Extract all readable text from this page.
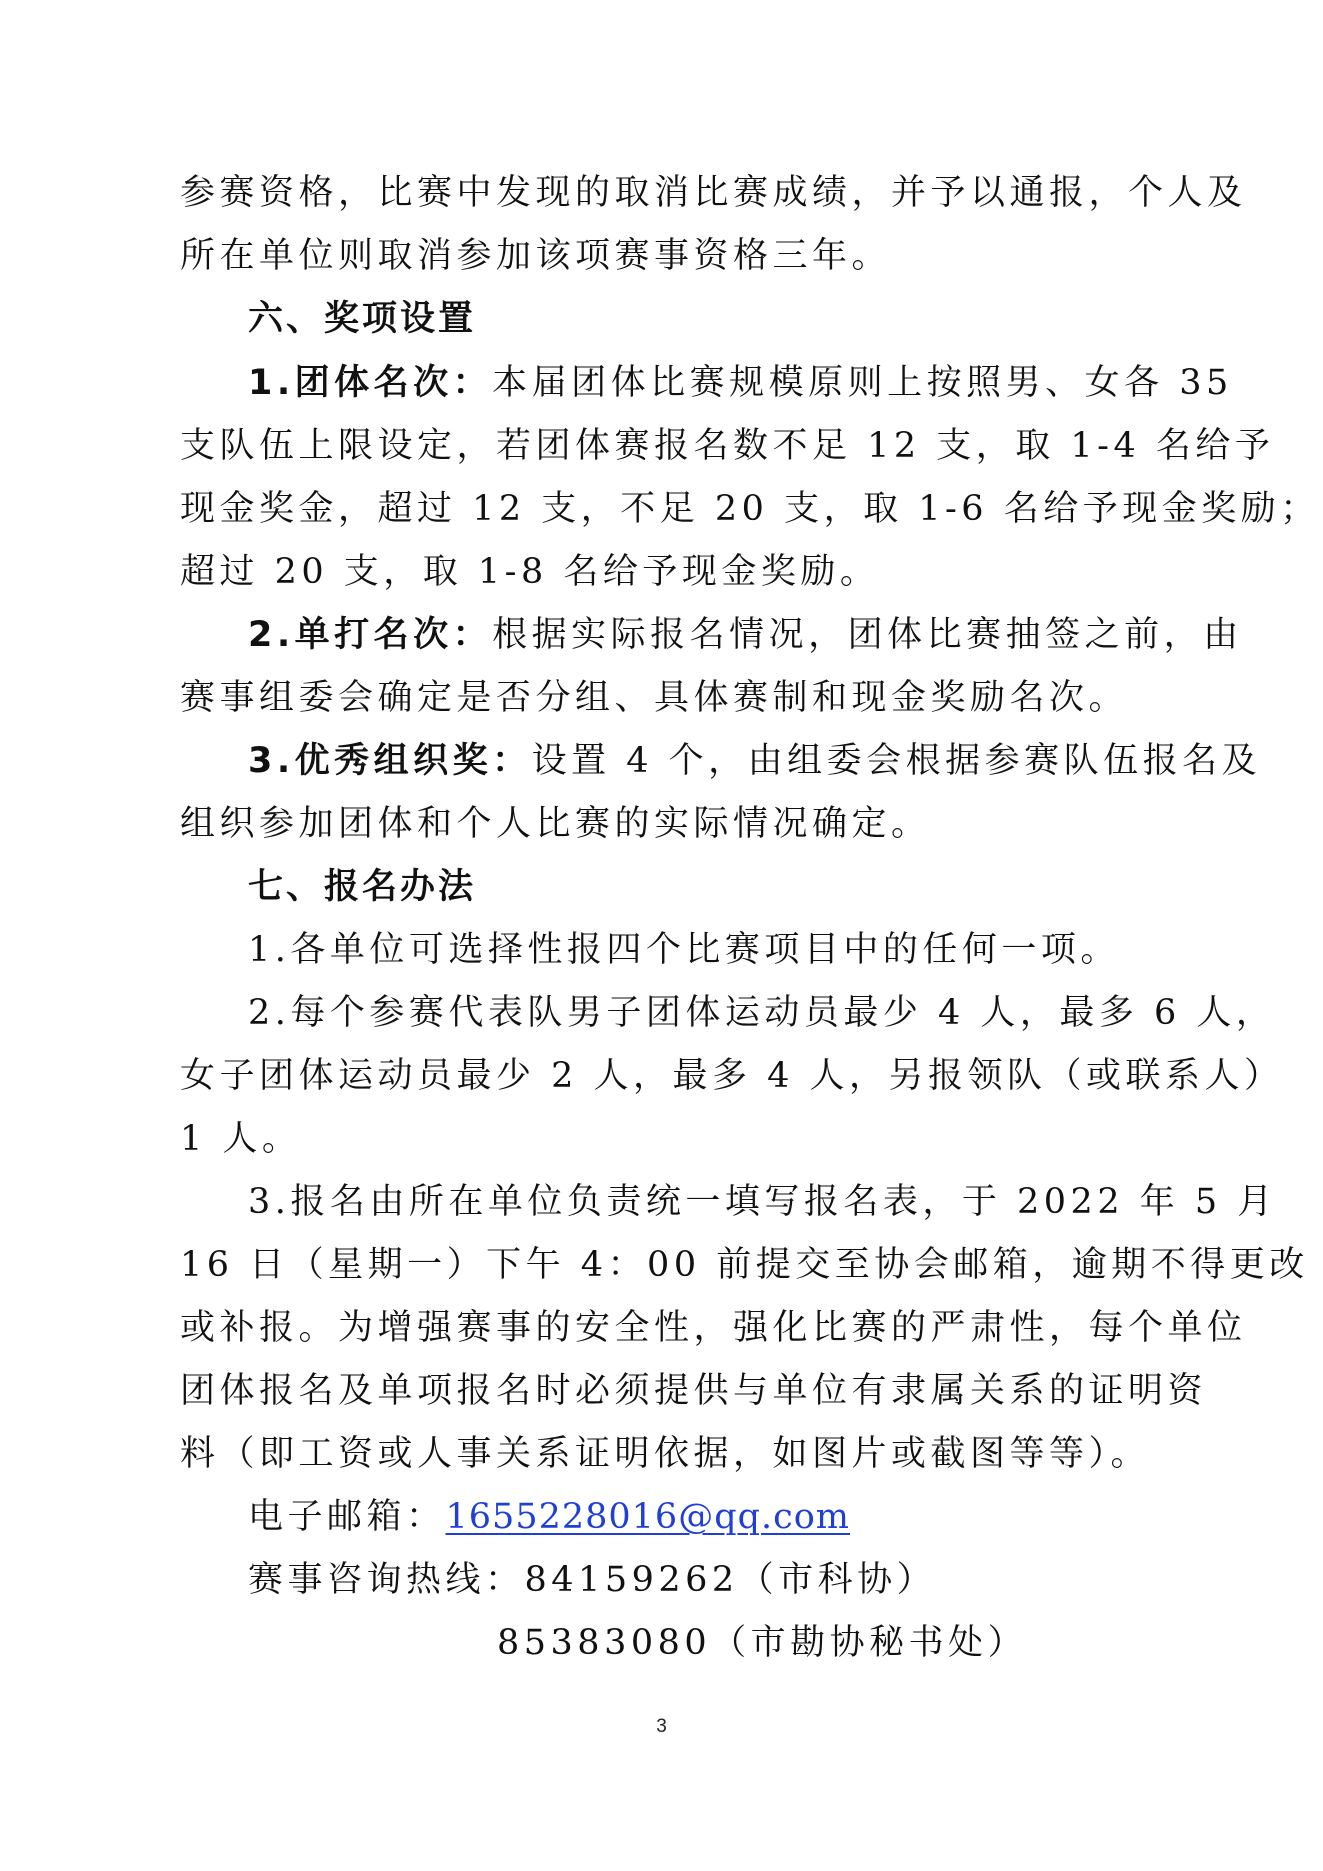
参赛资格，比赛中发现的取消比赛成绩，并予以通报，个人及
所在单位则取消参加该项赛事资格三年。
六、奖项设置
1.团体名次：本届团体比赛规模原则上按照男、女各 35
支队伍上限设定，若团体赛报名数不足 12 支，取 1-4 名给予
现金奖金，超过 12 支，不足 20 支，取 1-6 名给予现金奖励；
超过 20 支，取 1-8 名给予现金奖励。
2.单打名次：根据实际报名情况，团体比赛抽签之前，由
赛事组委会确定是否分组、具体赛制和现金奖励名次。
3.优秀组织奖：设置 4 个，由组委会根据参赛队伍报名及
组织参加团体和个人比赛的实际情况确定。
七、报名办法
1.各单位可选择性报四个比赛项目中的任何一项。
2.每个参赛代表队男子团体运动员最少 4 人，最多 6 人，
女子团体运动员最少 2 人，最多 4 人，另报领队（或联系人）
1 人。
3.报名由所在单位负责统一填写报名表，于 2022 年 5 月
16 日（星期一）下午 4：00 前提交至协会邮箱，逾期不得更改
或补报。为增强赛事的安全性，强化比赛的严肃性，每个单位
团体报名及单项报名时必须提供与单位有隶属关系的证明资
料（即工资或人事关系证明依据，如图片或截图等等）。
电子邮箱：1655228016@qq.com
赛事咨询热线：84159262（市科协）
85383080（市勘协秘书处）
3
